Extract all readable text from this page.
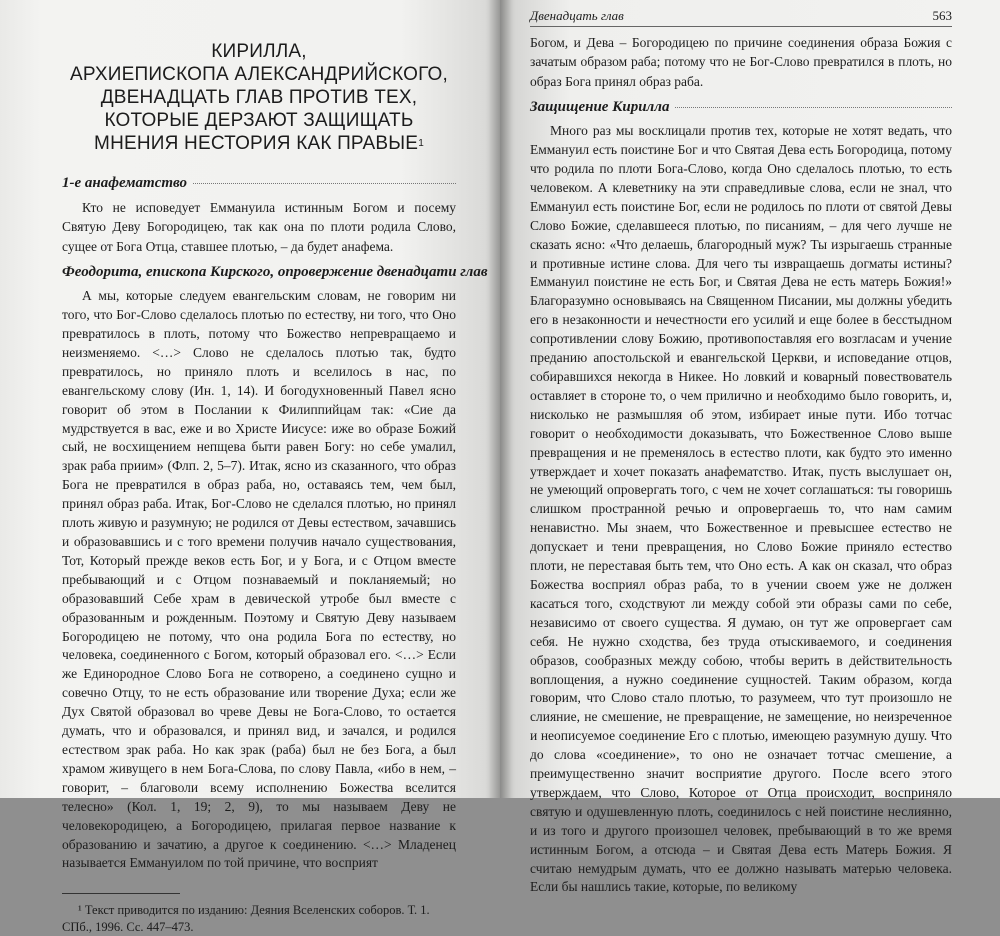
КИРИЛЛА,
АРХИЕПИСКОПА АЛЕКСАНДРИЙСКОГО,
ДВЕНАДЦАТЬ ГЛАВ ПРОТИВ ТЕХ,
КОТОРЫЕ ДЕРЗАЮТ ЗАЩИЩАТЬ
МНЕНИЯ НЕСТОРИЯ КАК ПРАВЫЕ$^1$
1-е анафематство

Кто не исповедует Еммануила истинным Богом и посему Святую Деву Богородицею, так как она по плоти родила Слово, сущее от Бога Отца, ставшее плотью, – да будет анафема.

Феодорита, епископа Кирского, опровержение двенадцати глав

А мы, которые следуем евангельским словам, не говорим ни того, что Бог-Слово сделалось плотью по естеству, ни того, что Оно превратилось в плоть, потому что Божество непревращаемо и неизменяемо. <…> Слово не сделалось плотью так, будто превратилось, но приняло плоть и вселилось в нас, по евангельскому слову (Ин. 1, 14). И богодухновенный Павел ясно говорит об этом в Послании к Филиппийцам так: «Сие да мудрствуется в вас, еже и во Христе Иисусе: иже во образе Божий сый, не восхищением непщева быти равен Богу: но себе умалил, зрак раба приим» (Флп. 2, 5–7). Итак, ясно из сказанного, что образ Бога не превратился в образ раба, но, оставаясь тем, чем был, принял образ раба. Итак, Бог-Слово не сделался плотью, но принял плоть живую и разумную; не родился от Девы естеством, зачавшись и образовавшись и с того времени получив начало существования, Тот, Который прежде веков есть Бог, и у Бога, и с Отцом вместе пребывающий и с Отцом познаваемый и покланяемый; но образовавший Себе храм в девической утробе был вместе с образованным и рожденным. Поэтому и Святую Деву называем Богородицею не потому, что она родила Бога по естеству, но человека, соединенного с Богом, который образовал его. <…> Если же Единородное Слово Бога не сотворено, а соединено сущно и совечно Отцу, то не есть образование или творение Духа; если же Дух Святой образовал во чреве Девы не Бога-Слово, то остается думать, что и образовался, и принял вид, и зачался, и родился естеством зрак раба. Но как зрак (раба) был не без Бога, а был храмом живущего в нем Бога-Слова, по слову Павла, «ибо в нем, – говорит, – благоволи всему исполнению Божества вселится телесно» (Кол. 1, 19; 2, 9), то мы называем Деву не человекородицею, а Богородицею, прилагая первое название к образованию и зачатию, а другое к соединению. <…> Младенец называется Еммануилом по той причине, что восприят

¹ Текст приводится по изданию: Деяния Вселенских соборов. Т. 1. СПб., 1996. Сс. 447–473.

Двенадцать глав	563

Богом, и Дева – Богородицею по причине соединения образа Божия с зачатым образом раба; потому что не Бог-Слово превратился в плоть, но образ Бога принял образ раба.

Защищение Кирилла

Много раз мы восклицали против тех, которые не хотят ведать, что Еммануил есть поистине Бог и что Святая Дева есть Богородица, потому что родила по плоти Бога-Слово, когда Оно сделалось плотью, то есть человеком. А клеветнику на эти справедливые слова, если не знал, что Еммануил есть поистине Бог, если не родилось по плоти от святой Девы Слово Божие, сделавшееся плотью, по писаниям, – для чего лучше не сказать ясно: «Что делаешь, благородный муж? Ты изрыгаешь странные и противные истине слова. Для чего ты извращаешь догматы истины? Еммануил поистине не есть Бог, и Святая Дева не есть матерь Божия!» Благоразумно основываясь на Священном Писании, мы должны убедить его в незаконности и нечестности его усилий и еще более в бесстыдном сопротивлении слову Божию, противопоставляя его возгласам и учение преданию апостольской и евангельской Церкви, и исповедание отцов, собиравшихся некогда в Никее. Но ловкий и коварный повествователь оставляет в стороне то, о чем прилично и необходимо было говорить, и, нисколько не размышляя об этом, избирает иные пути. Ибо тотчас говорит о необходимости доказывать, что Божественное Слово выше превращения и не пременялось в естество плоти, как будто это именно утверждает и хочет показать анафематство. Итак, пусть выслушает он, не умеющий опровергать того, с чем не хочет соглашаться: ты говоришь слишком пространной речью и опровергаешь то, что нам самим ненавистно. Мы знаем, что Божественное и превысшее естество не допускает и тени превращения, но Слово Божие приняло естество плоти, не переставая быть тем, что Оно есть. А как он сказал, что образ Божества восприял образ раба, то в учении своем уже не должен касаться того, сходствуют ли между собой эти образы сами по себе, независимо от своего существа. Я думаю, он тут же опровергает сам себя. Не нужно сходства, без труда отыскиваемого, и соединения образов, сообразных между собою, чтобы верить в действительность воплощения, а нужно соединение сущностей. Таким образом, когда говорим, что Слово стало плотью, то разумеем, что тут произошло не слияние, не смешение, не превращение, не замещение, но неизреченное и неописуемое соединение Его с плотью, имеющею разумную душу. Что до слова «соединение», то оно не означает тотчас смешение, а преимущественно значит восприятие другого. После всего этого утверждаем, что Слово, Которое от Отца происходит, восприняло святую и одушевленную плоть, соединилось с ней поистине неслиянно, и из того и другого произошел человек, пребывающий в то же время истинным Богом, а отсюда – и Святая Дева есть Матерь Божия. Я считаю немудрым думать, что ее должно называть матерью человека. Если бы нашлись такие, которые, по великому
